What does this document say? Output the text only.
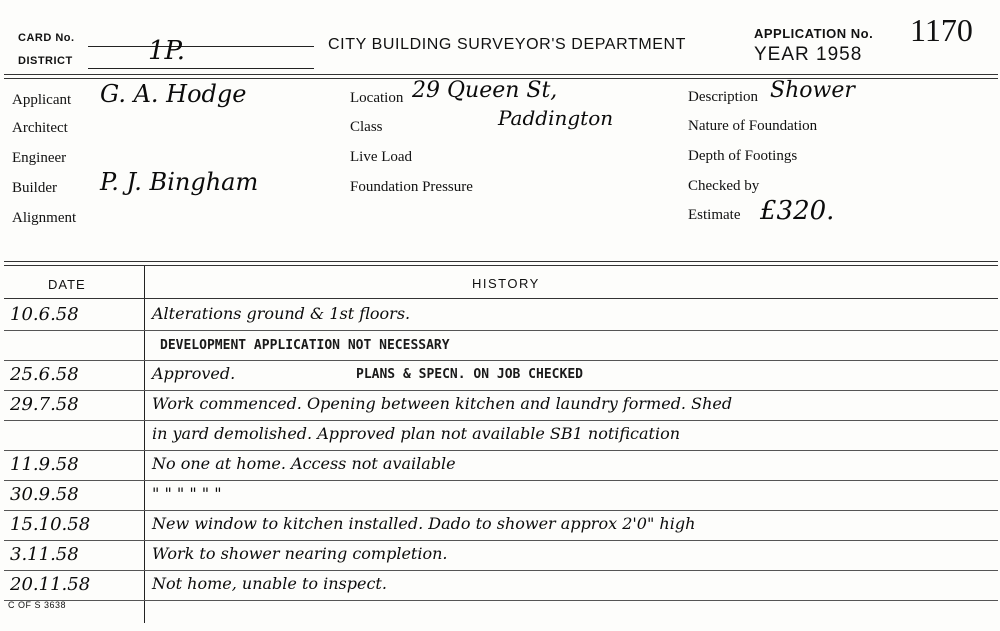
CARD No.
DISTRICT	1P.	CITY BUILDING SURVEYOR'S DEPARTMENT
APPLICATION No. 1170
YEAR 1958
Applicant G. A. Hodge
Architect
Engineer
Builder P. J. Bingham
Alignment
Location 29 Queen St,
Paddington
Class
Live Load
Foundation Pressure
Description Shower
Nature of Foundation
Depth of Footings
Checked by
Estimate £320.
DATE	HISTORY
10.6.58	Alterations ground & 1st floors.
DEVELOPMENT APPLICATION NOT NECESSARY
25.6.58	Approved.	PLANS & SPECN. ON JOB CHECKED
29.7.58	Work commenced. Opening between kitchen and laundry formed. Shed
in yard demolished. Approved plan not available SB1 notification
11.9.58	No one at home. Access not available
30.9.58	" " " " " "
15.10.58	New window to kitchen installed. Dado to shower approx 2'0" high
3.11.58	Work to shower nearing completion.
20.11.58	Not home, unable to inspect.
C OF S 3638
